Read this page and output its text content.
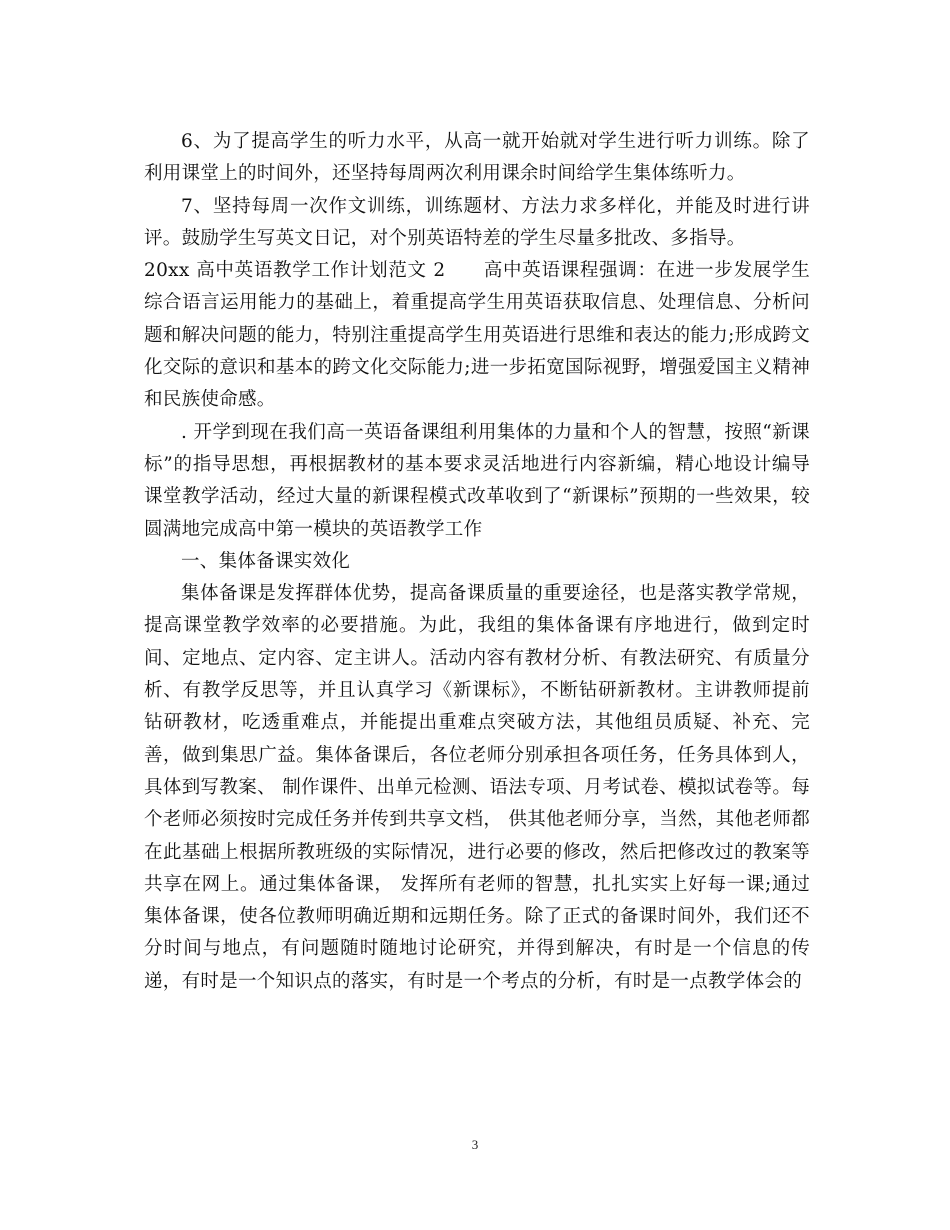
6、为了提高学生的听力水平，从高一就开始就对学生进行听力训练。除了利用课堂上的时间外，还坚持每周两次利用课余时间给学生集体练听力。

7、坚持每周一次作文训练，训练题材、方法力求多样化，并能及时进行讲评。鼓励学生写英文日记，对个别英语特差的学生尽量多批改、多指导。

20xx 高中英语教学工作计划范文 2 高中英语课程强调：在进一步发展学生综合语言运用能力的基础上，着重提高学生用英语获取信息、处理信息、分析问题和解决问题的能力，特别注重提高学生用英语进行思维和表达的能力;形成跨文化交际的意识和基本的跨文化交际能力;进一步拓宽国际视野，增强爱国主义精神和民族使命感。

. 开学到现在我们高一英语备课组利用集体的力量和个人的智慧，按照“新课标”的指导思想，再根据教材的基本要求灵活地进行内容新编，精心地设计编导课堂教学活动，经过大量的新课程模式改革收到了“新课标”预期的一些效果，较圆满地完成高中第一模块的英语教学工作

一、集体备课实效化

集体备课是发挥群体优势，提高备课质量的重要途径，也是落实教学常规，提高课堂教学效率的必要措施。为此，我组的集体备课有序地进行，做到定时间、定地点、定内容、定主讲人。活动内容有教材分析、有教法研究、有质量分析、有教学反思等，并且认真学习《新课标》，不断钻研新教材。主讲教师提前钻研教材，吃透重难点，并能提出重难点突破方法，其他组员质疑、补充、完善，做到集思广益。集体备课后，各位老师分别承担各项任务，任务具体到人，具体到写教案、 制作课件、出单元检测、语法专项、月考试卷、模拟试卷等。每个老师必须按时完成任务并传到共享文档， 供其他老师分享，当然，其他老师都在此基础上根据所教班级的实际情况，进行必要的修改，然后把修改过的教案等共享在网上。通过集体备课， 发挥所有老师的智慧，扎扎实实上好每一课;通过集体备课，使各位教师明确近期和远期任务。除了正式的备课时间外，我们还不分时间与地点，有问题随时随地讨论研究，并得到解决，有时是一个信息的传递，有时是一个知识点的落实，有时是一个考点的分析，有时是一点教学体会的

3
